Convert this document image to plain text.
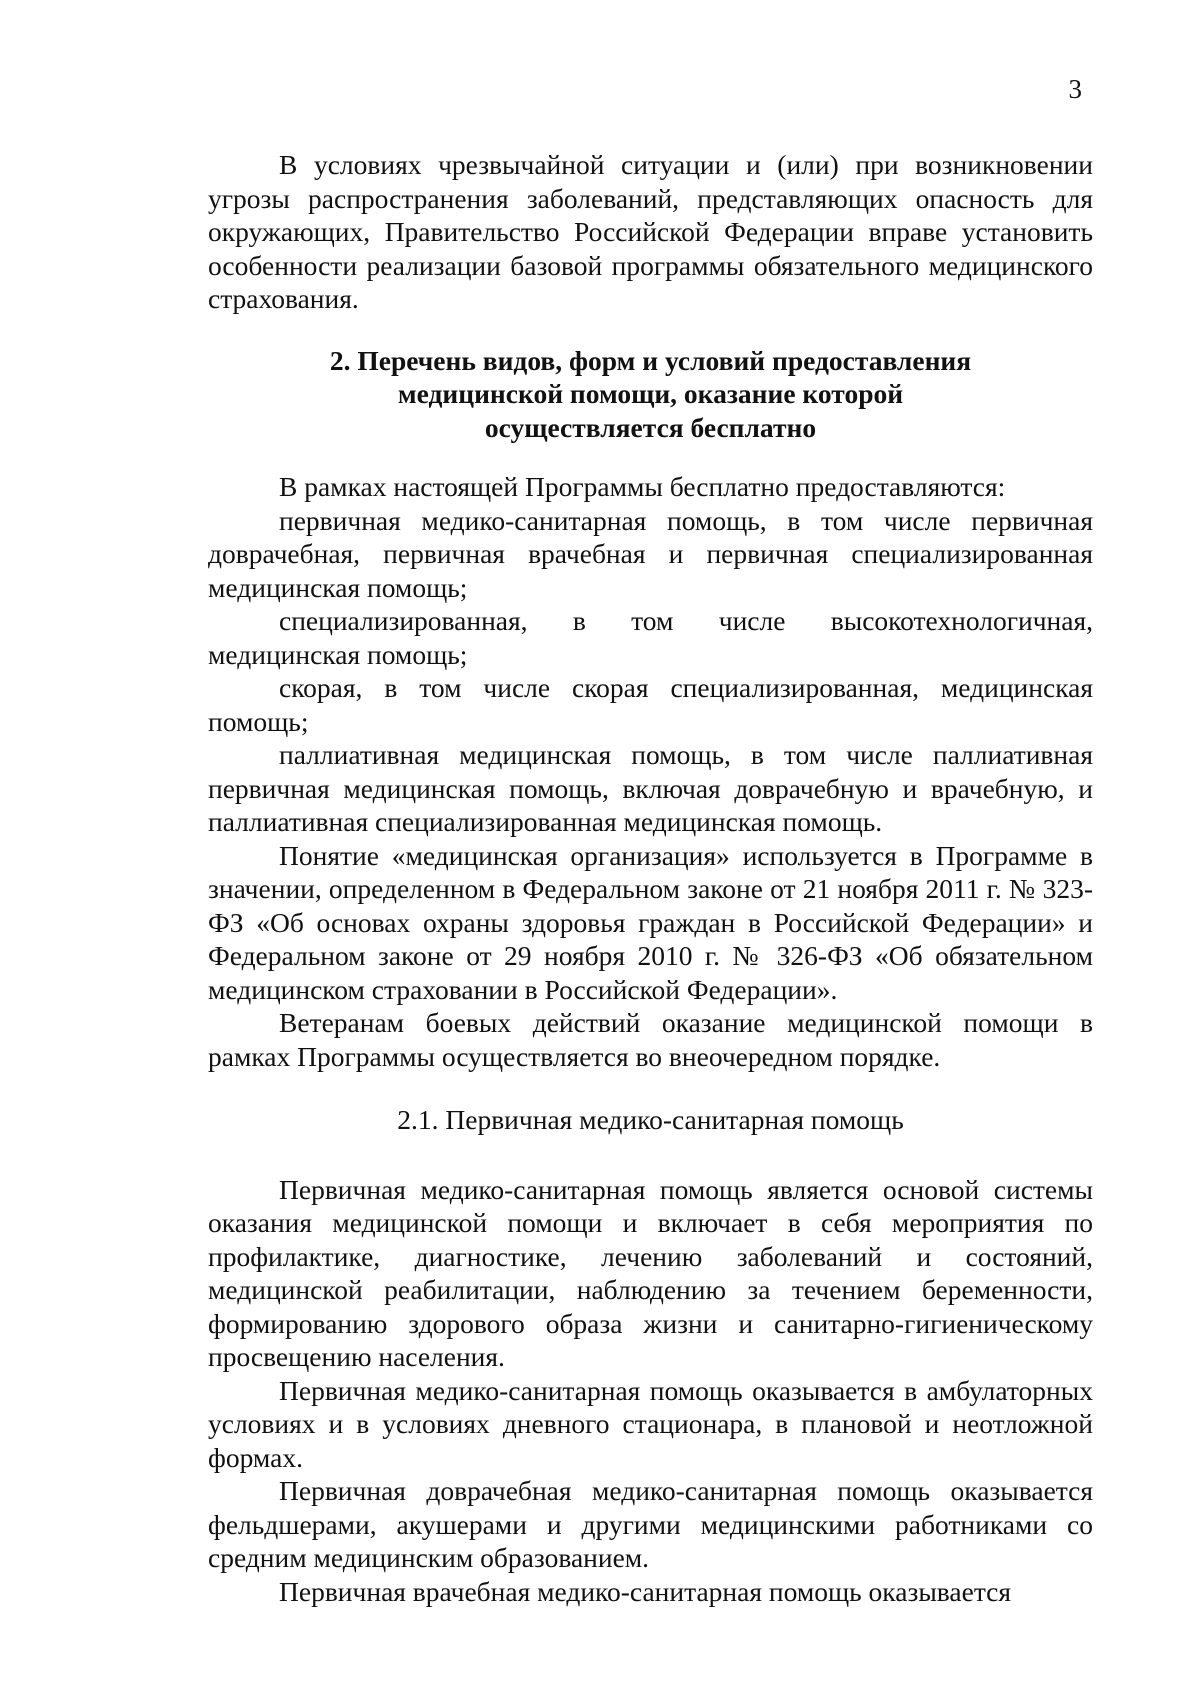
3

В условиях чрезвычайной ситуации и (или) при возникновении угрозы распространения заболеваний, представляющих опасность для окружающих, Правительство Российской Федерации вправе установить особенности реализации базовой программы обязательного медицинского страхования.

2. Перечень видов, форм и условий предоставления
медицинской помощи, оказание которой
осуществляется бесплатно

В рамках настоящей Программы бесплатно предоставляются:

первичная медико-санитарная помощь, в том числе первичная доврачебная, первичная врачебная и первичная специализированная медицинская помощь;

специализированная, в том числе высокотехнологичная, медицинская помощь;

скорая, в том числе скорая специализированная, медицинская помощь;

паллиативная медицинская помощь, в том числе паллиативная первичная медицинская помощь, включая доврачебную и врачебную, и паллиативная специализированная медицинская помощь.

Понятие «медицинская организация» используется в Программе в значении, определенном в Федеральном законе от 21 ноября 2011 г. № 323-ФЗ «Об основах охраны здоровья граждан в Российской Федерации» и Федеральном законе от 29 ноября 2010 г. № 326-ФЗ «Об обязательном медицинском страховании в Российской Федерации».

Ветеранам боевых действий оказание медицинской помощи в рамках Программы осуществляется во внеочередном порядке.

2.1. Первичная медико-санитарная помощь

Первичная медико-санитарная помощь является основой системы оказания медицинской помощи и включает в себя мероприятия по профилактике, диагностике, лечению заболеваний и состояний, медицинской реабилитации, наблюдению за течением беременности, формированию здорового образа жизни и санитарно-гигиеническому просвещению населения.

Первичная медико-санитарная помощь оказывается в амбулаторных условиях и в условиях дневного стационара, в плановой и неотложной формах.

Первичная доврачебная медико-санитарная помощь оказывается фельдшерами, акушерами и другими медицинскими работниками со средним медицинским образованием.

Первичная врачебная медико-санитарная помощь оказывается
